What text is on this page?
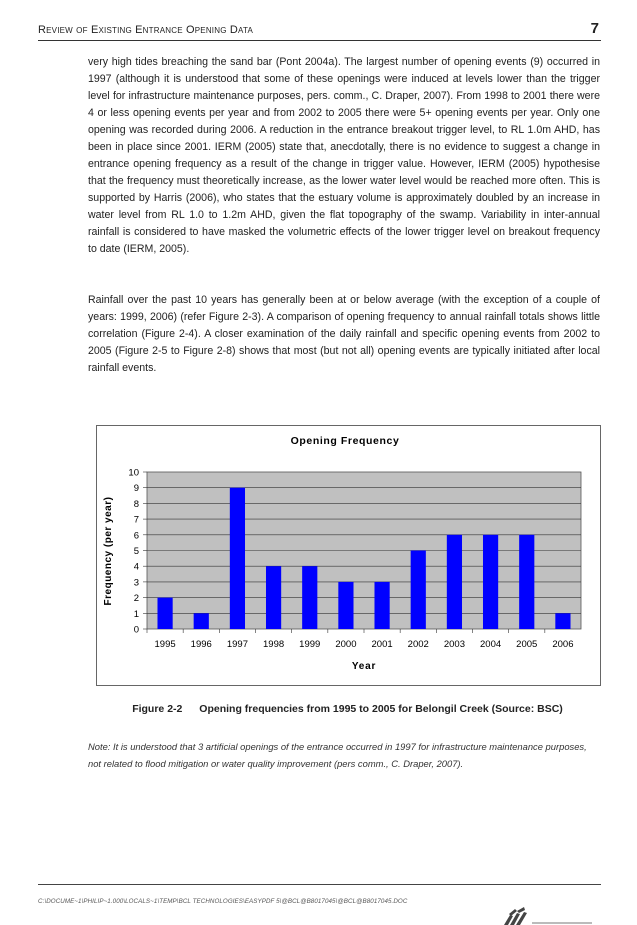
Review of Existing Entrance Opening Data	7

very high tides breaching the sand bar (Pont 2004a). The largest number of opening events (9) occurred in 1997 (although it is understood that some of these openings were induced at levels lower than the trigger level for infrastructure maintenance purposes, pers. comm., C. Draper, 2007). From 1998 to 2001 there were 4 or less opening events per year and from 2002 to 2005 there were 5+ opening events per year. Only one opening was recorded during 2006. A reduction in the entrance breakout trigger level, to RL 1.0m AHD, has been in place since 2001. IERM (2005) state that, anecdotally, there is no evidence to suggest a change in entrance opening frequency as a result of the change in trigger value. However, IERM (2005) hypothesise that the frequency must theoretically increase, as the lower water level would be reached more often. This is supported by Harris (2006), who states that the estuary volume is approximately doubled by an increase in water level from RL 1.0 to 1.2m AHD, given the flat topography of the swamp. Variability in inter-annual rainfall is considered to have masked the volumetric effects of the lower trigger level on breakout frequency to date (IERM, 2005).

Rainfall over the past 10 years has generally been at or below average (with the exception of a couple of years: 1999, 2006) (refer Figure 2-3). A comparison of opening frequency to annual rainfall totals shows little correlation (Figure 2-4). A closer examination of the daily rainfall and specific opening events from 2002 to 2005 (Figure 2-5 to Figure 2-8) shows that most (but not all) opening events are typically initiated after local rainfall events.

Opening Frequency
0
1
2
3
4
5
6
7
8
9
10
1995 1996 1997 1998 1999 2000 2001 2002 2003 2004 2005 2006
Year
Frequency (per year)
Figure 2-2 Opening frequencies from 1995 to 2005 for Belongil Creek (Source: BSC)

Note: It is understood that 3 artificial openings of the entrance occurred in 1997 for infrastructure maintenance purposes, not related to flood mitigation or water quality improvement (pers comm., C. Draper, 2007).

C:\DOCUME~1\PHILIP~1.000\LOCALS~1\TEMP\BCL TECHNOLOGIES\EASYPDF 5\@BCL@B8017045\@BCL@B8017045.DOC
